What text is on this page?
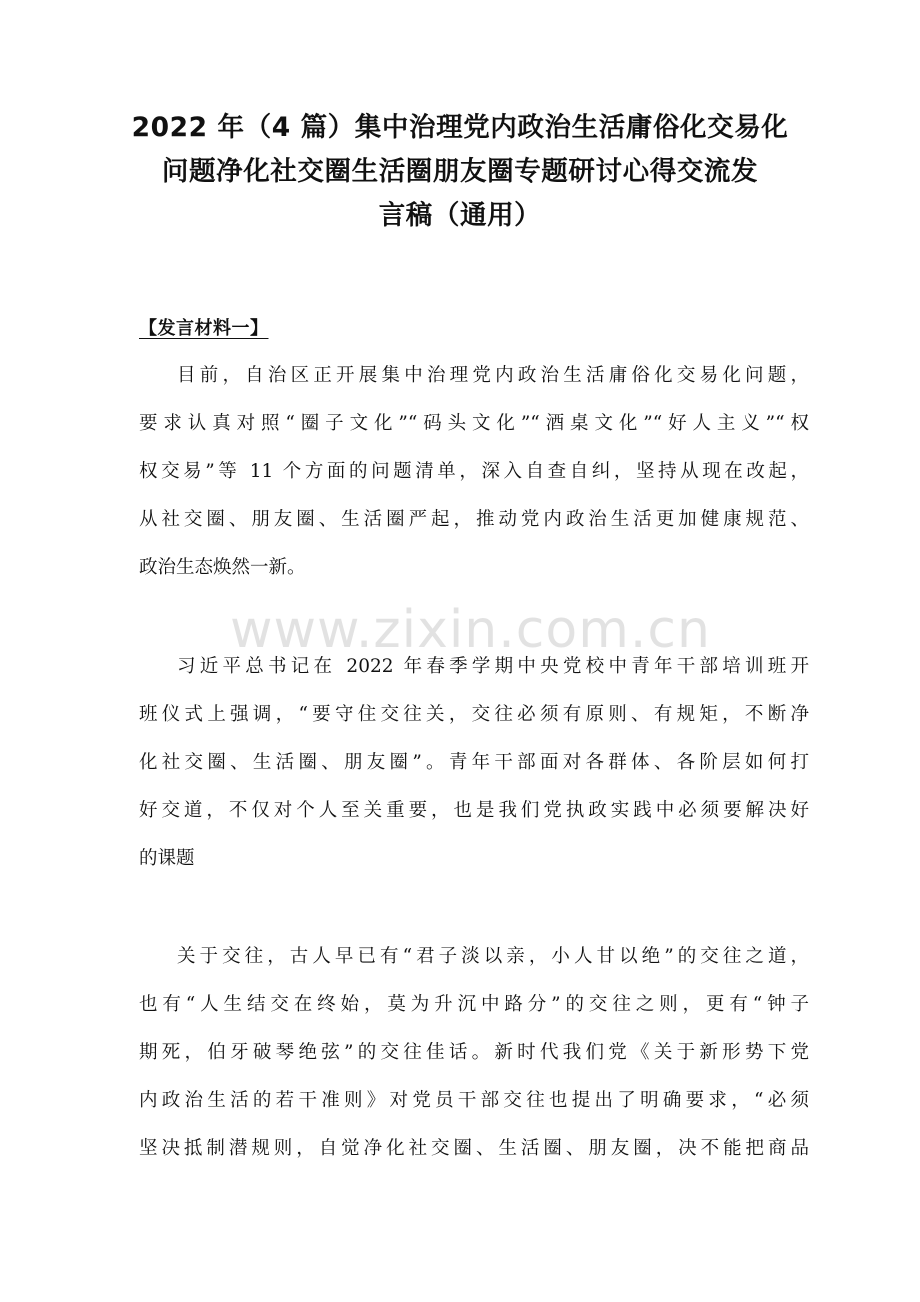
2022 年（4 篇）集中治理党内政治生活庸俗化交易化
问题净化社交圈生活圈朋友圈专题研讨心得交流发
言稿（通用）
【发言材料一】
目前，自治区正开展集中治理党内政治生活庸俗化交易化问题，
要求认真对照“圈子文化”“码头文化”“酒桌文化”“好人主义”“权
权交易”等 11 个方面的问题清单，深入自查自纠，坚持从现在改起，
从社交圈、朋友圈、生活圈严起，推动党内政治生活更加健康规范、
政治生态焕然一新。
www.zixin.com.cn
习近平总书记在 2022 年春季学期中央党校中青年干部培训班开
班仪式上强调，“要守住交往关，交往必须有原则、有规矩，不断净
化社交圈、生活圈、朋友圈”。青年干部面对各群体、各阶层如何打
好交道，不仅对个人至关重要，也是我们党执政实践中必须要解决好
的课题
关于交往，古人早已有“君子淡以亲，小人甘以绝”的交往之道，
也有“人生结交在终始，莫为升沉中路分”的交往之则，更有“钟子
期死，伯牙破琴绝弦”的交往佳话。新时代我们党《关于新形势下党
内政治生活的若干准则》对党员干部交往也提出了明确要求，“必须
坚决抵制潜规则，自觉净化社交圈、生活圈、朋友圈，决不能把商品
